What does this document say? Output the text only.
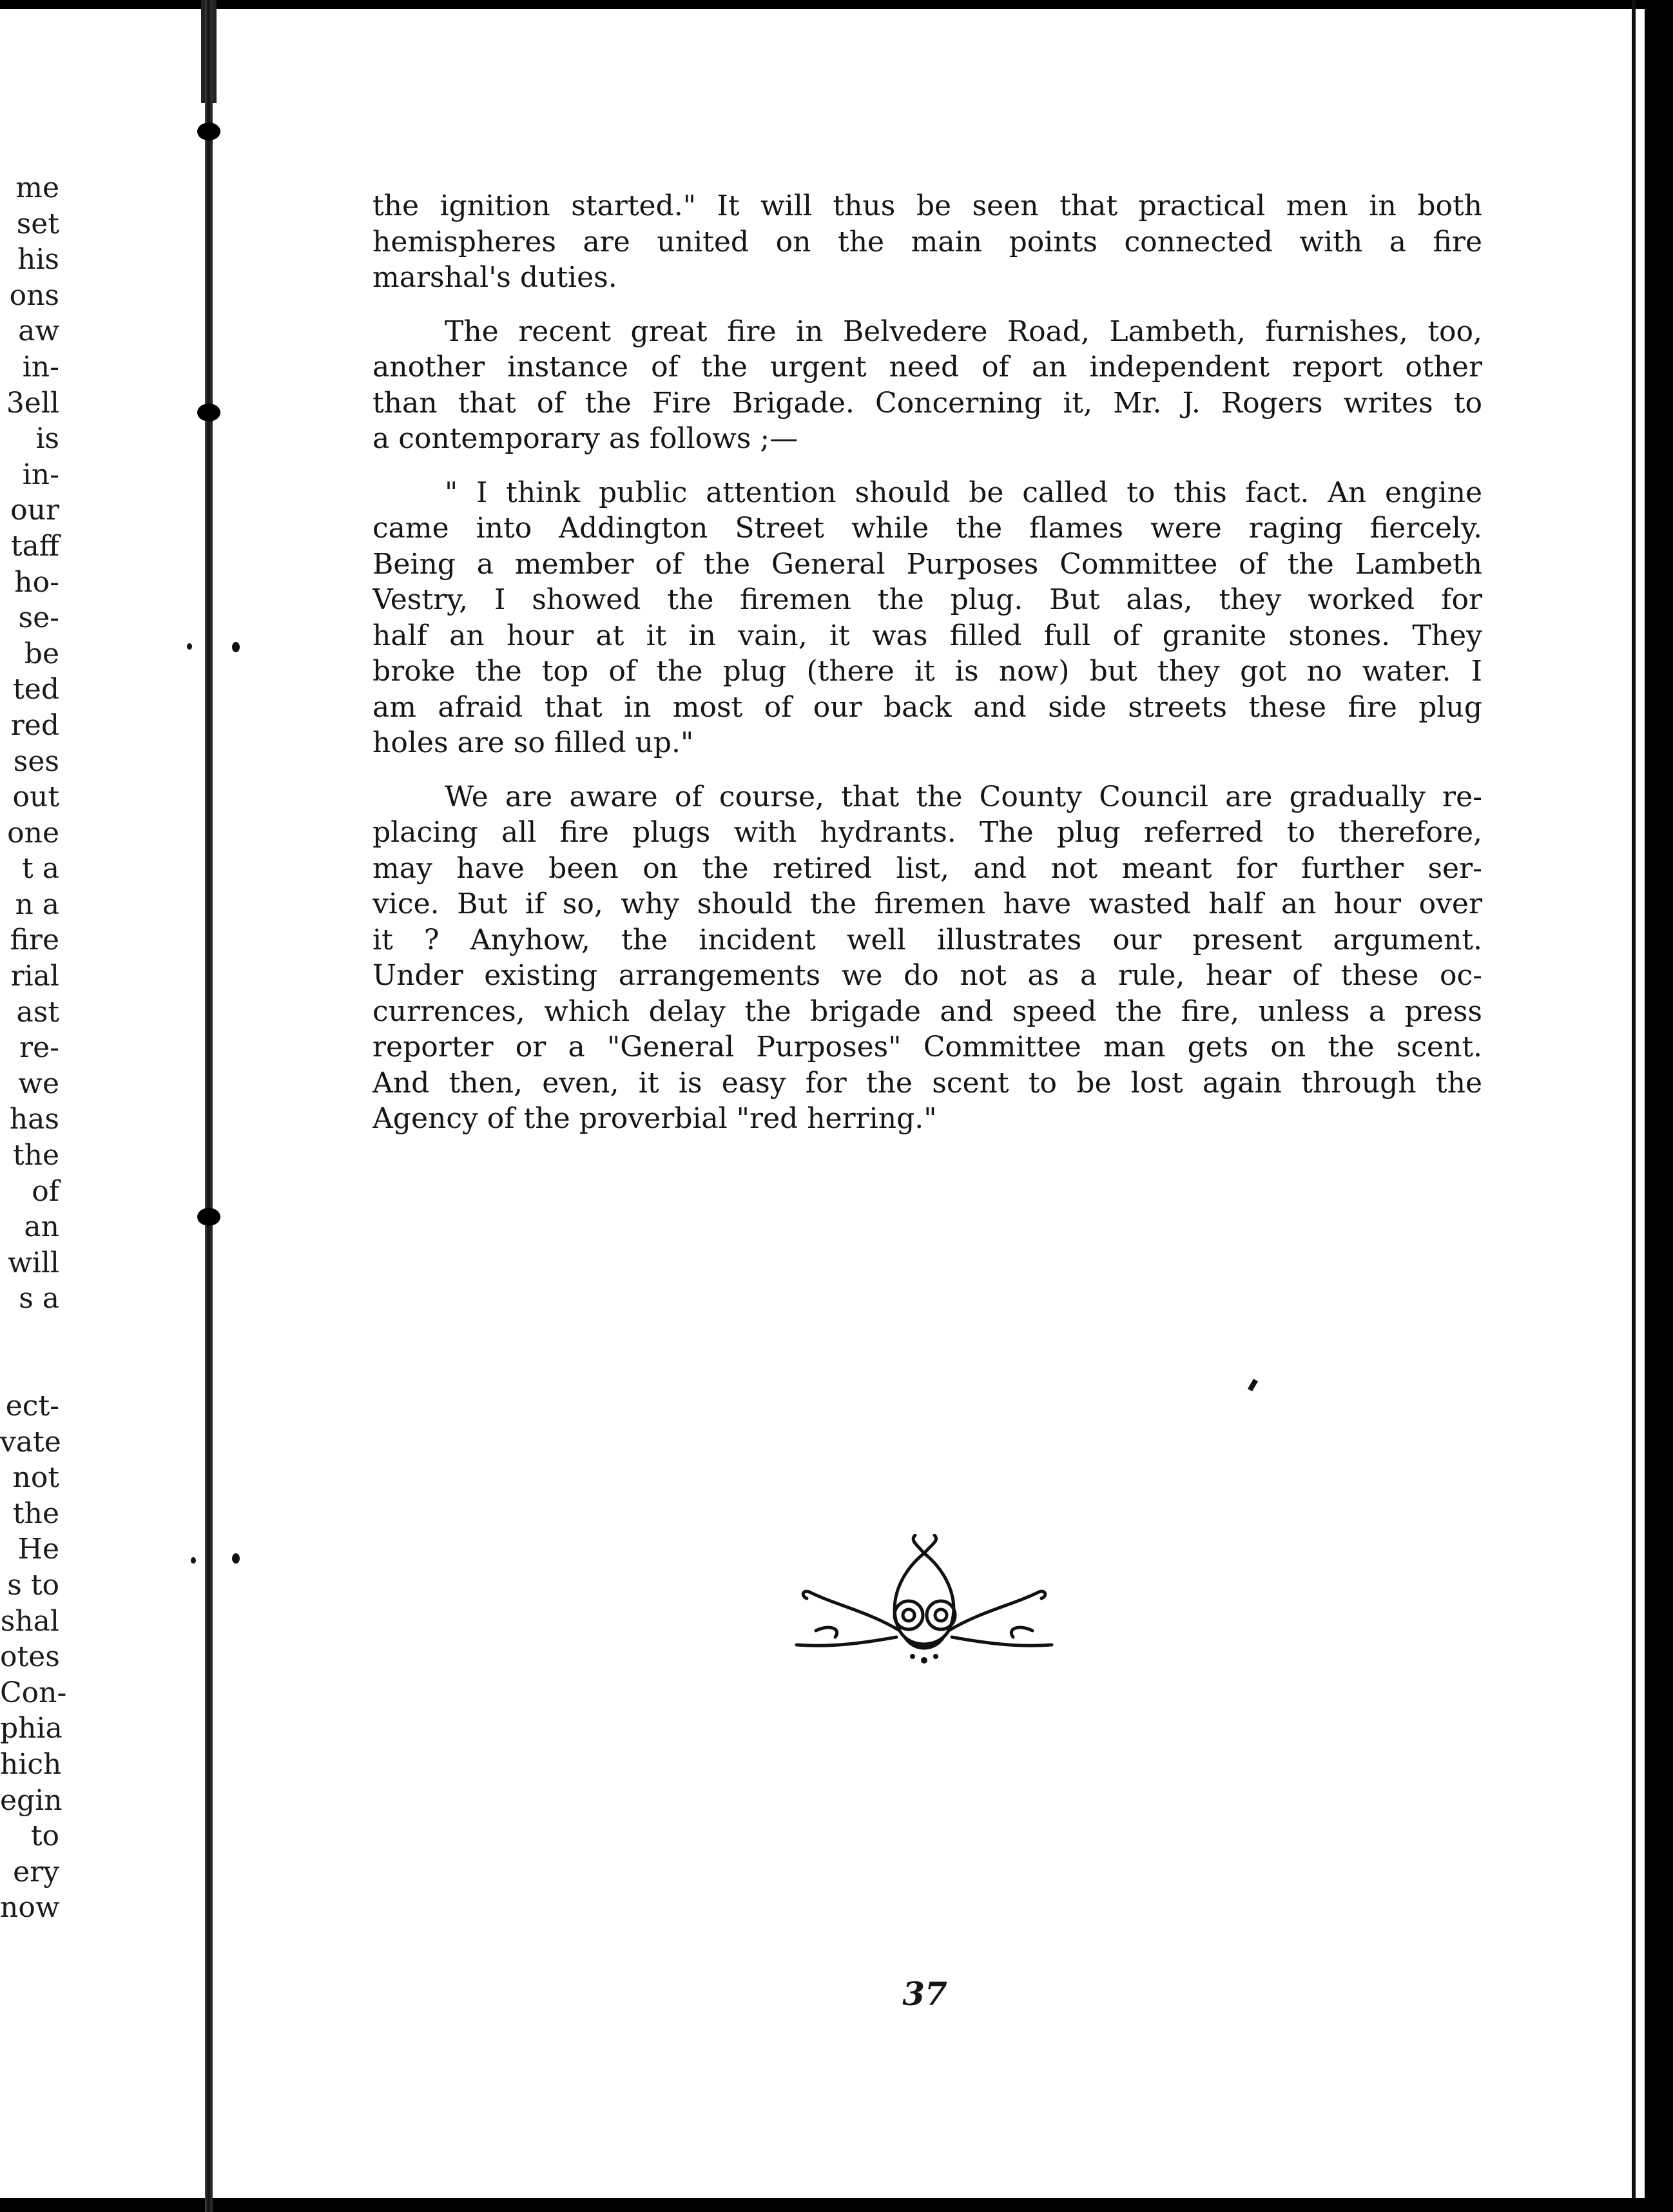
me
set
his
ons
aw
in-
3ell
is
in-
our
taff
ho-
se-
be
ted
red
ses
out
one
t a
n a
fire
rial
ast
re-
we
has
the
of
an
will
s a
ect-
vate
not
the
He
s to
shal
otes
Con-
phia
hich
egin
to
ery
now
the ignition started." It will thus be seen that practical men in both
hemispheres are united on the main points connected with a fire
marshal's duties.
The recent great fire in Belvedere Road, Lambeth, furnishes, too,
another instance of the urgent need of an independent report other
than that of the Fire Brigade. Concerning it, Mr. J. Rogers writes to
a contemporary as follows ;—
" I think public attention should be called to this fact. An engine
came into Addington Street while the flames were raging fiercely.
Being a member of the General Purposes Committee of the Lambeth
Vestry, I showed the firemen the plug. But alas, they worked for
half an hour at it in vain, it was filled full of granite stones. They
broke the top of the plug (there it is now) but they got no water. I
am afraid that in most of our back and side streets these fire plug
holes are so filled up."
We are aware of course, that the County Council are gradually re-
placing all fire plugs with hydrants. The plug referred to therefore,
may have been on the retired list, and not meant for further ser-
vice. But if so, why should the firemen have wasted half an hour over
it ? Anyhow, the incident well illustrates our present argument.
Under existing arrangements we do not as a rule, hear of these oc-
currences, which delay the brigade and speed the fire, unless a press
reporter or a "General Purposes" Committee man gets on the scent.
And then, even, it is easy for the scent to be lost again through the
Agency of the proverbial "red herring."
37
